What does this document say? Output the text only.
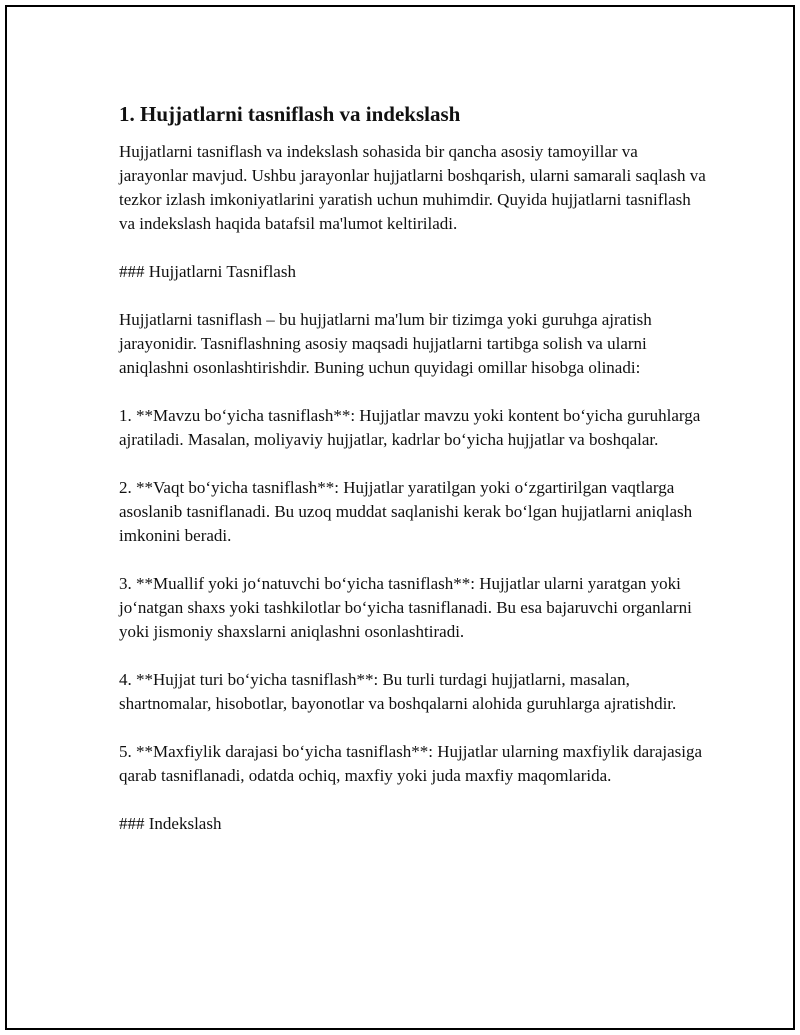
1. Hujjatlarni tasniflash va indekslash

Hujjatlarni tasniflash va indekslash sohasida bir qancha asosiy tamoyillar va jarayonlar mavjud. Ushbu jarayonlar hujjatlarni boshqarish, ularni samarali saqlash va tezkor izlash imkoniyatlarini yaratish uchun muhimdir. Quyida hujjatlarni tasniflash va indekslash haqida batafsil ma'lumot keltiriladi.

### Hujjatlarni Tasniflash

Hujjatlarni tasniflash – bu hujjatlarni ma'lum bir tizimga yoki guruhga ajratish jarayonidir. Tasniflashning asosiy maqsadi hujjatlarni tartibga solish va ularni aniqlashni osonlashtirishdir. Buning uchun quyidagi omillar hisobga olinadi:

1. **Mavzu bo‘yicha tasniflash**: Hujjatlar mavzu yoki kontent bo‘yicha guruhlarga ajratiladi. Masalan, moliyaviy hujjatlar, kadrlar bo‘yicha hujjatlar va boshqalar.

2. **Vaqt bo‘yicha tasniflash**: Hujjatlar yaratilgan yoki o‘zgartirilgan vaqtlarga asoslanib tasniflanadi. Bu uzoq muddat saqlanishi kerak bo‘lgan hujjatlarni aniqlash imkonini beradi.

3. **Muallif yoki jo‘natuvchi bo‘yicha tasniflash**: Hujjatlar ularni yaratgan yoki jo‘natgan shaxs yoki tashkilotlar bo‘yicha tasniflanadi. Bu esa bajaruvchi organlarni yoki jismoniy shaxslarni aniqlashni osonlashtiradi.

4. **Hujjat turi bo‘yicha tasniflash**: Bu turli turdagi hujjatlarni, masalan, shartnomalar, hisobotlar, bayonotlar va boshqalarni alohida guruhlarga ajratishdir.

5. **Maxfiylik darajasi bo‘yicha tasniflash**: Hujjatlar ularning maxfiylik darajasiga qarab tasniflanadi, odatda ochiq, maxfiy yoki juda maxfiy maqomlarida.

### Indekslash
